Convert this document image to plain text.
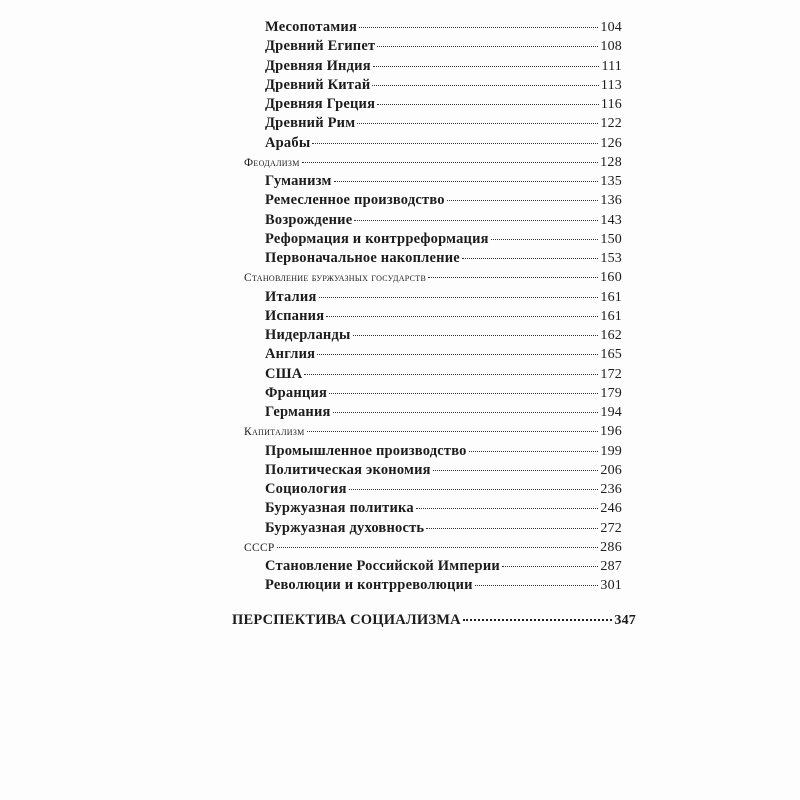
Месопотамия	104
Древний Египет	108
Древняя Индия	111
Древний Китай	113
Древняя Греция	116
Древний Рим	122
Арабы	126
Феодализм	128
Гуманизм	135
Ремесленное производство	136
Возрождение	143
Реформация и контрреформация	150
Первоначальное накопление	153
Становление буржуазных государств	160
Италия	161
Испания	161
Нидерланды	162
Англия	165
США	172
Франция	179
Германия	194
Капитализм	196
Промышленное производство	199
Политическая экономия	206
Социология	236
Буржуазная политика	246
Буржуазная духовность	272
СССР	286
Становление Российской Империи	287
Революции и контрреволюции	301
ПЕРСПЕКТИВА СОЦИАЛИЗМА	347
